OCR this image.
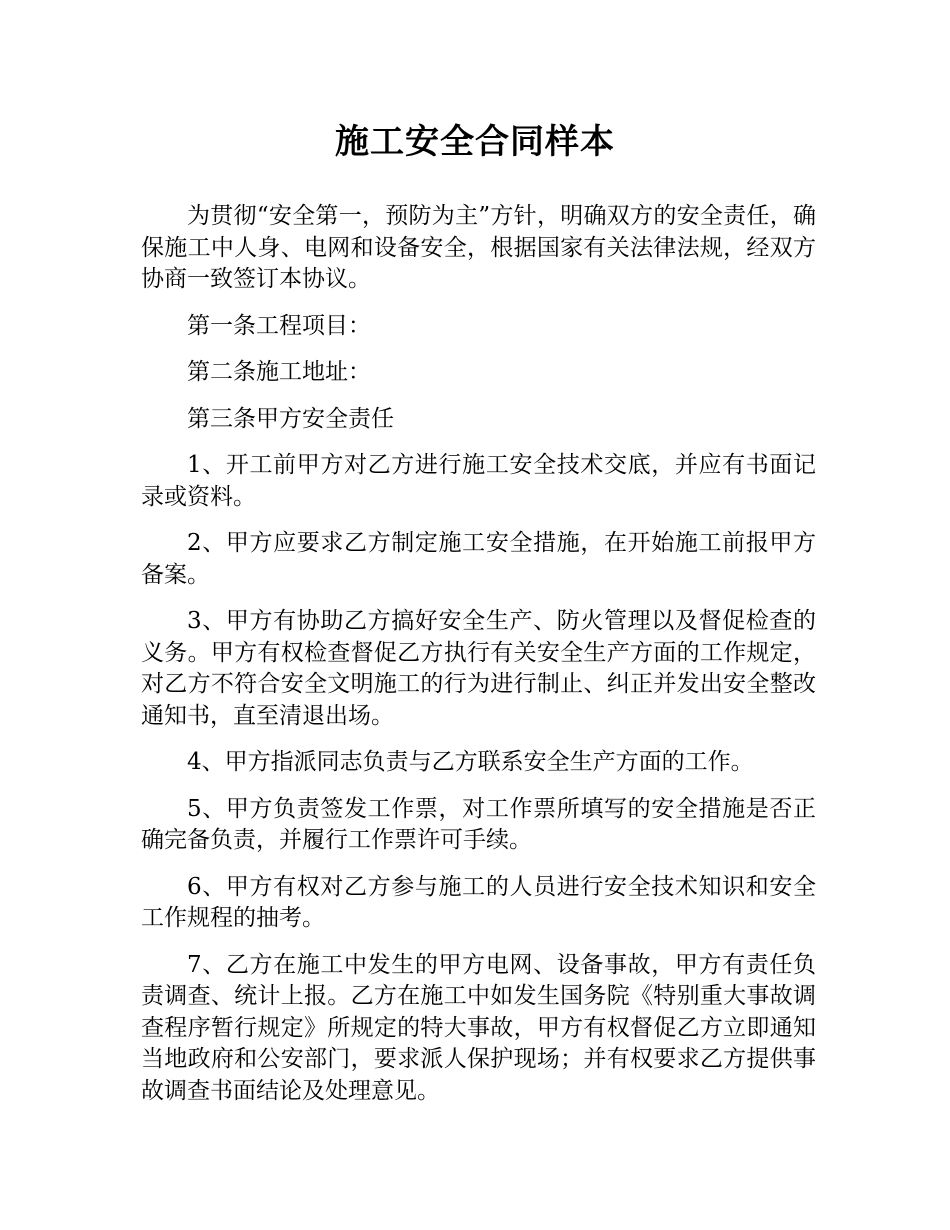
施工安全合同样本

为贯彻“安全第一，预防为主”方针，明确双方的安全责任，确保施工中人身、电网和设备安全，根据国家有关法律法规，经双方协商一致签订本协议。

第一条工程项目：

第二条施工地址：

第三条甲方安全责任

1、开工前甲方对乙方进行施工安全技术交底，并应有书面记录或资料。

2、甲方应要求乙方制定施工安全措施，在开始施工前报甲方备案。

3、甲方有协助乙方搞好安全生产、防火管理以及督促检查的义务。甲方有权检查督促乙方执行有关安全生产方面的工作规定，对乙方不符合安全文明施工的行为进行制止、纠正并发出安全整改通知书，直至清退出场。

4、甲方指派同志负责与乙方联系安全生产方面的工作。

5、甲方负责签发工作票，对工作票所填写的安全措施是否正确完备负责，并履行工作票许可手续。

6、甲方有权对乙方参与施工的人员进行安全技术知识和安全工作规程的抽考。

7、乙方在施工中发生的甲方电网、设备事故，甲方有责任负责调查、统计上报。乙方在施工中如发生国务院《特别重大事故调查程序暂行规定》所规定的特大事故，甲方有权督促乙方立即通知当地政府和公安部门，要求派人保护现场；并有权要求乙方提供事故调查书面结论及处理意见。
